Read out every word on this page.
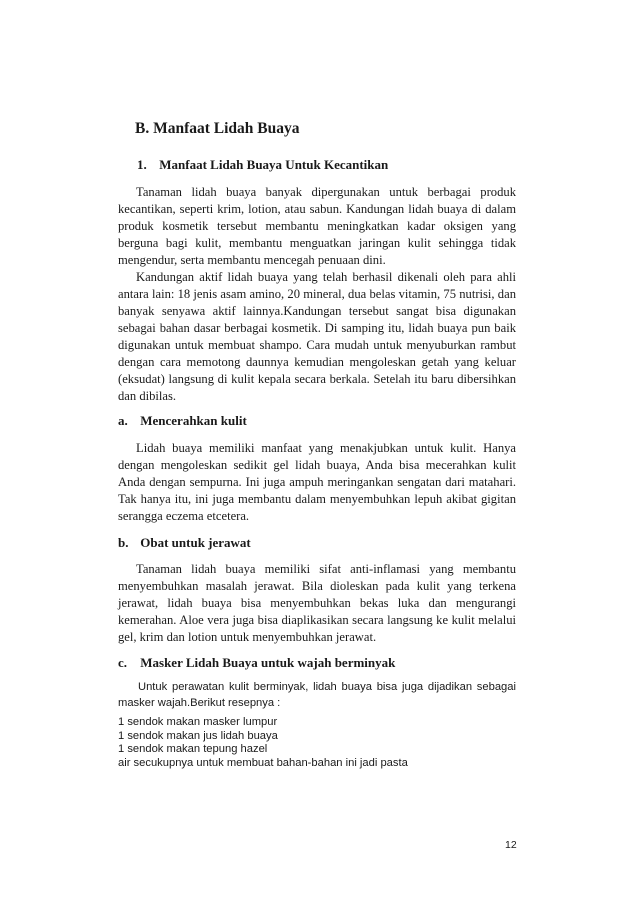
B. Manfaat Lidah Buaya
1. Manfaat Lidah Buaya Untuk Kecantikan

Tanaman lidah buaya banyak dipergunakan untuk berbagai produk kecantikan, seperti krim, lotion, atau sabun. Kandungan lidah buaya di dalam produk kosmetik tersebut membantu meningkatkan kadar oksigen yang berguna bagi kulit, membantu menguatkan jaringan kulit sehingga tidak mengendur, serta membantu mencegah penuaan dini.

Kandungan aktif lidah buaya yang telah berhasil dikenali oleh para ahli antara lain: 18 jenis asam amino, 20 mineral, dua belas vitamin, 75 nutrisi, dan banyak senyawa aktif lainnya.Kandungan tersebut sangat bisa digunakan sebagai bahan dasar berbagai kosmetik. Di samping itu, lidah buaya pun baik digunakan untuk membuat shampo. Cara mudah untuk menyuburkan rambut dengan cara memotong daunnya kemudian mengoleskan getah yang keluar (eksudat) langsung di kulit kepala secara berkala. Setelah itu baru dibersihkan dan dibilas.

a. Mencerahkan kulit

Lidah buaya memiliki manfaat yang menakjubkan untuk kulit. Hanya dengan mengoleskan sedikit gel lidah buaya, Anda bisa mecerahkan kulit Anda dengan sempurna. Ini juga ampuh meringankan sengatan dari matahari. Tak hanya itu, ini juga membantu dalam menyembuhkan lepuh akibat gigitan serangga eczema etcetera.

b. Obat untuk jerawat

Tanaman lidah buaya memiliki sifat anti-inflamasi yang membantu menyembuhkan masalah jerawat. Bila dioleskan pada kulit yang terkena jerawat, lidah buaya bisa menyembuhkan bekas luka dan mengurangi kemerahan. Aloe vera juga bisa diaplikasikan secara langsung ke kulit melalui gel, krim dan lotion untuk menyembuhkan jerawat.

c. Masker Lidah Buaya untuk wajah berminyak

Untuk perawatan kulit berminyak, lidah buaya bisa juga dijadikan sebagai masker wajah.Berikut resepnya :

1 sendok makan masker lumpur
1 sendok makan jus lidah buaya
1 sendok makan tepung hazel
air secukupnya untuk membuat bahan-bahan ini jadi pasta
12
